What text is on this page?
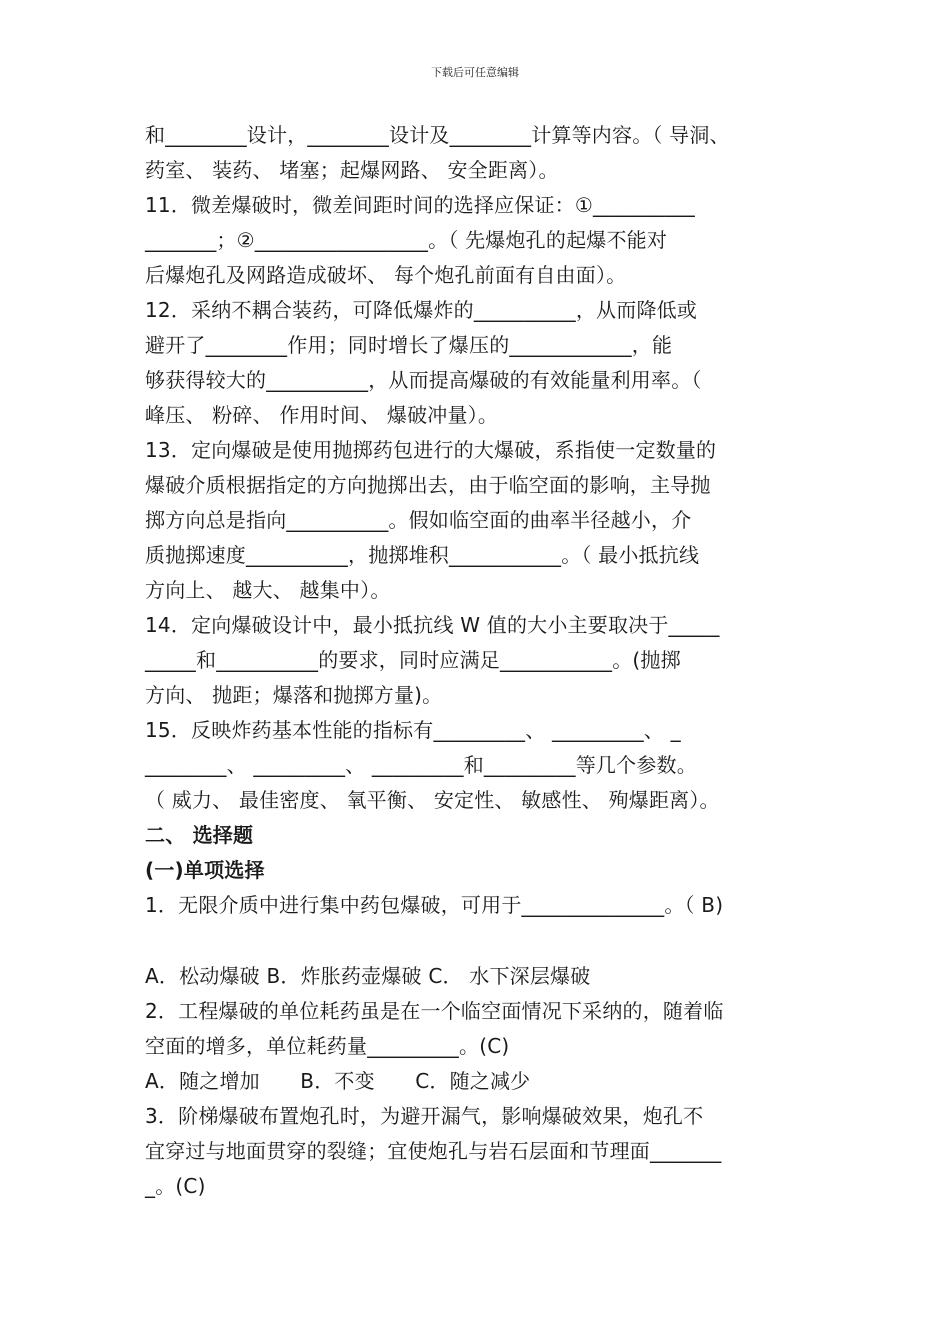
下载后可任意编辑
和________设计，________设计及________计算等内容。（ 导洞、
药室、 装药、 堵塞；起爆网路、 安全距离）。
11．微差爆破时，微差间距时间的选择应保证：①__________
_______；②_________________。（ 先爆炮孔的起爆不能对
后爆炮孔及网路造成破坏、 每个炮孔前面有自由面）。
12．采纳不耦合装药，可降低爆炸的__________，从而降低或
避开了________作用；同时增长了爆压的____________，能
够获得较大的__________，从而提高爆破的有效能量利用率。（
峰压、 粉碎、 作用时间、 爆破冲量）。
13．定向爆破是使用抛掷药包进行的大爆破，系指使一定数量的
爆破介质根据指定的方向抛掷出去，由于临空面的影响，主导抛
掷方向总是指向__________。假如临空面的曲率半径越小，介
质抛掷速度__________，抛掷堆积___________。（ 最小抵抗线
方向上、 越大、 越集中）。
14．定向爆破设计中，最小抵抗线 W 值的大小主要取决于_____
_____和__________的要求，同时应满足___________。(抛掷
方向、 抛距；爆落和抛掷方量)。
15．反映炸药基本性能的指标有_________、 _________、 _
________、 _________、 _________和_________等几个参数。
（ 威力、 最佳密度、 氧平衡、 安定性、 敏感性、 殉爆距离）。
二、 选择题
(一)单项选择
1．无限介质中进行集中药包爆破，可用于______________。（ B)
A．松动爆破 B．炸胀药壶爆破 C． 水下深层爆破
2．工程爆破的单位耗药虽是在一个临空面情况下采纳的，随着临
空面的增多，单位耗药量_________。(C)
A．随之增加　　B．不变　　C．随之减少
3．阶梯爆破布置炮孔时，为避开漏气，影响爆破效果，炮孔不
宜穿过与地面贯穿的裂缝；宜使炮孔与岩石层面和节理面_______
_。(C)
